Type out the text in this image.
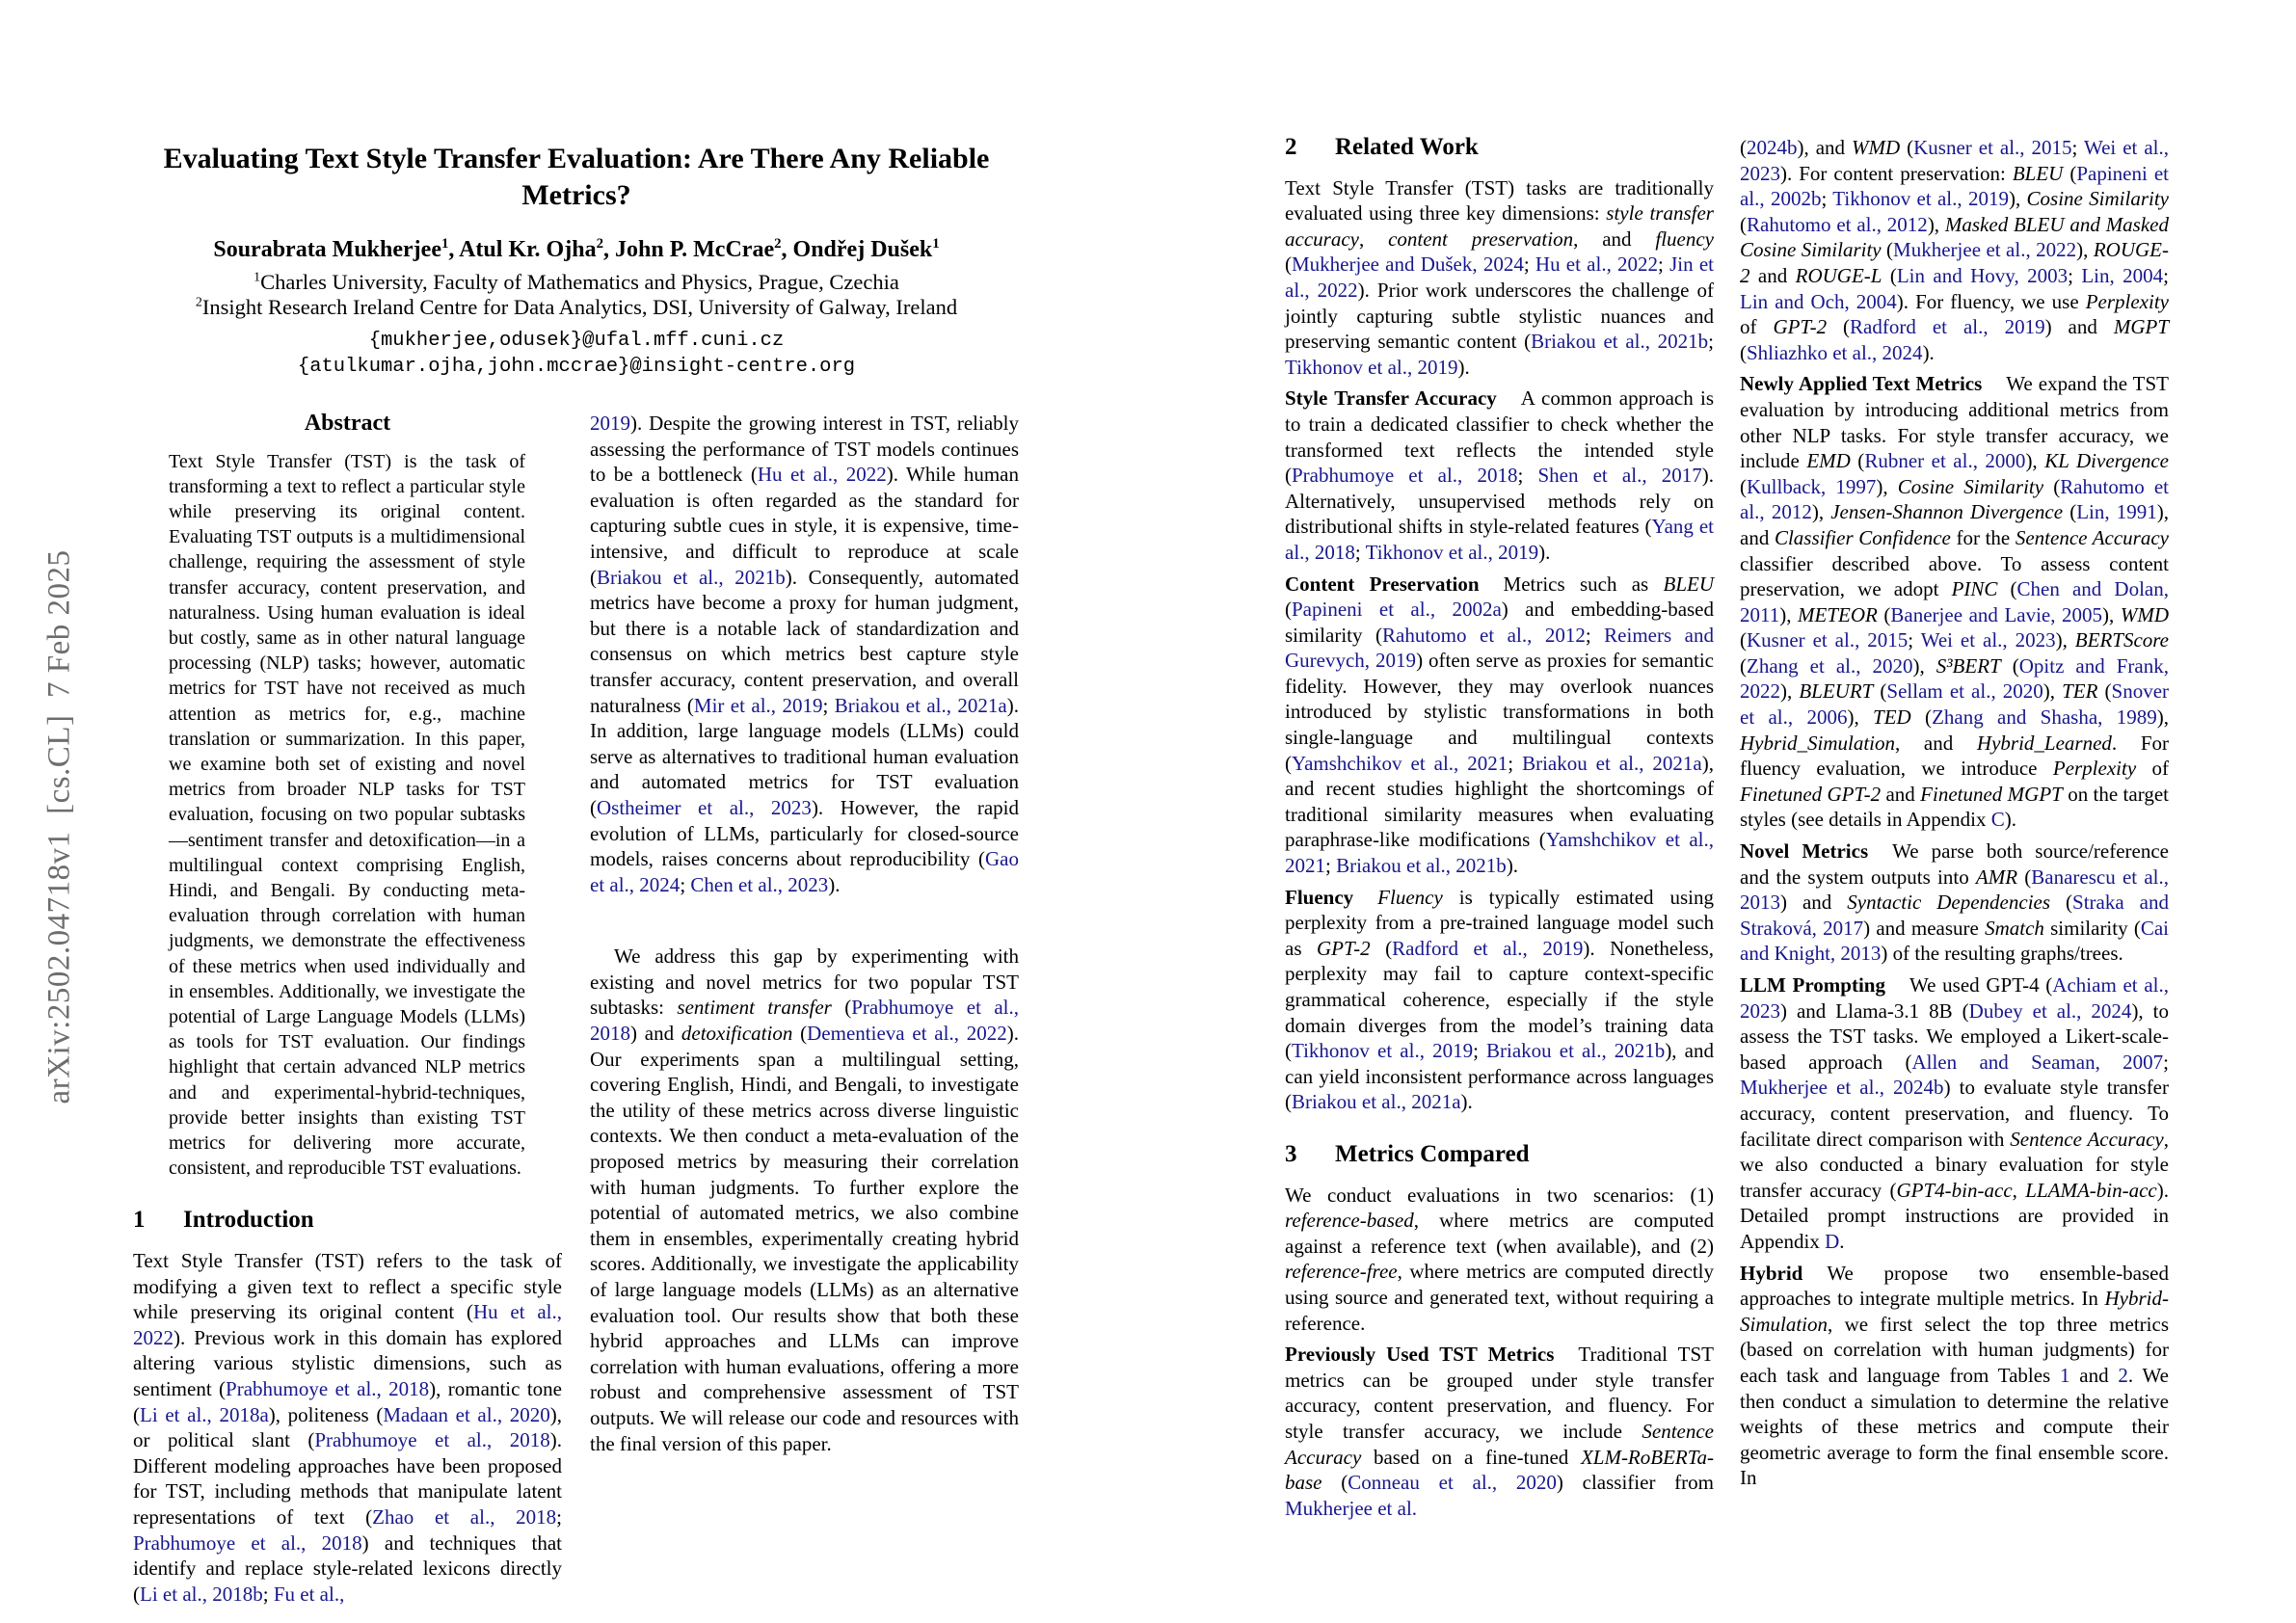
arXiv:2502.04718v1  [cs.CL]  7 Feb 2025
Evaluating Text Style Transfer Evaluation: Are There Any Reliable Metrics?
Sourabrata Mukherjee$^1$, Atul Kr. Ojha$^2$, John P. McCrae$^2$, Ondřej Dušek$^1$
$^1$Charles University, Faculty of Mathematics and Physics, Prague, Czechia
$^2$Insight Research Ireland Centre for Data Analytics, DSI, University of Galway, Ireland
{mukherjee,odusek}@ufal.mff.cuni.cz
{atulkumar.ojha,john.mccrae}@insight-centre.org
Abstract
Text Style Transfer (TST) is the task of transforming a text to reflect a particular style while preserving its original content. Evaluating TST outputs is a multidimensional challenge, requiring the assessment of style transfer accuracy, content preservation, and naturalness. Using human evaluation is ideal but costly, same as in other natural language processing (NLP) tasks; however, automatic metrics for TST have not received as much attention as metrics for, e.g., machine translation or summarization. In this paper, we examine both set of existing and novel metrics from broader NLP tasks for TST evaluation, focusing on two popular subtasks—sentiment transfer and detoxification—in a multilingual context comprising English, Hindi, and Bengali. By conducting meta-evaluation through correlation with human judgments, we demonstrate the effectiveness of these metrics when used individually and in ensembles. Additionally, we investigate the potential of Large Language Models (LLMs) as tools for TST evaluation. Our findings highlight that certain advanced NLP metrics and and experimental-hybrid-techniques, provide better insights than existing TST metrics for delivering more accurate, consistent, and reproducible TST evaluations.
1 Introduction
Text Style Transfer (TST) refers to the task of modifying a given text to reflect a specific style while preserving its original content (Hu et al., 2022). Previous work in this domain has explored altering various stylistic dimensions, such as sentiment (Prabhumoye et al., 2018), romantic tone (Li et al., 2018a), politeness (Madaan et al., 2020), or political slant (Prabhumoye et al., 2018). Different modeling approaches have been proposed for TST, including methods that manipulate latent representations of text (Zhao et al., 2018; Prabhumoye et al., 2018) and techniques that identify and replace style-related lexicons directly (Li et al., 2018b; Fu et al.,
2019). Despite the growing interest in TST, reliably assessing the performance of TST models continues to be a bottleneck (Hu et al., 2022). While human evaluation is often regarded as the standard for capturing subtle cues in style, it is expensive, time-intensive, and difficult to reproduce at scale (Briakou et al., 2021b). Consequently, automated metrics have become a proxy for human judgment, but there is a notable lack of standardization and consensus on which metrics best capture style transfer accuracy, content preservation, and overall naturalness (Mir et al., 2019; Briakou et al., 2021a). In addition, large language models (LLMs) could serve as alternatives to traditional human evaluation and automated metrics for TST evaluation (Ostheimer et al., 2023). However, the rapid evolution of LLMs, particularly for closed-source models, raises concerns about reproducibility (Gao et al., 2024; Chen et al., 2023).
We address this gap by experimenting with existing and novel metrics for two popular TST subtasks: sentiment transfer (Prabhumoye et al., 2018) and detoxification (Dementieva et al., 2022). Our experiments span a multilingual setting, covering English, Hindi, and Bengali, to investigate the utility of these metrics across diverse linguistic contexts. We then conduct a meta-evaluation of the proposed metrics by measuring their correlation with human judgments. To further explore the potential of automated metrics, we also combine them in ensembles, experimentally creating hybrid scores. Additionally, we investigate the applicability of large language models (LLMs) as an alternative evaluation tool. Our results show that both these hybrid approaches and LLMs can improve correlation with human evaluations, offering a more robust and comprehensive assessment of TST outputs. We will release our code and resources with the final version of this paper.
2 Related Work
Text Style Transfer (TST) tasks are traditionally evaluated using three key dimensions: style transfer accuracy, content preservation, and fluency (Mukherjee and Dušek, 2024; Hu et al., 2022; Jin et al., 2022). Prior work underscores the challenge of jointly capturing subtle stylistic nuances and preserving semantic content (Briakou et al., 2021b; Tikhonov et al., 2019).
Style Transfer Accuracy A common approach is to train a dedicated classifier to check whether the transformed text reflects the intended style (Prabhumoye et al., 2018; Shen et al., 2017). Alternatively, unsupervised methods rely on distributional shifts in style-related features (Yang et al., 2018; Tikhonov et al., 2019).
Content Preservation Metrics such as BLEU (Papineni et al., 2002a) and embedding-based similarity (Rahutomo et al., 2012; Reimers and Gurevych, 2019) often serve as proxies for semantic fidelity. However, they may overlook nuances introduced by stylistic transformations in both single-language and multilingual contexts (Yamshchikov et al., 2021; Briakou et al., 2021a), and recent studies highlight the shortcomings of traditional similarity measures when evaluating paraphrase-like modifications (Yamshchikov et al., 2021; Briakou et al., 2021b).
Fluency Fluency is typically estimated using perplexity from a pre-trained language model such as GPT-2 (Radford et al., 2019). Nonetheless, perplexity may fail to capture context-specific grammatical coherence, especially if the style domain diverges from the model’s training data (Tikhonov et al., 2019; Briakou et al., 2021b), and can yield inconsistent performance across languages (Briakou et al., 2021a).
3 Metrics Compared
We conduct evaluations in two scenarios: (1) reference-based, where metrics are computed against a reference text (when available), and (2) reference-free, where metrics are computed directly using source and generated text, without requiring a reference.
Previously Used TST Metrics Traditional TST metrics can be grouped under style transfer accuracy, content preservation, and fluency. For style transfer accuracy, we include Sentence Accuracy based on a fine-tuned XLM-RoBERTa-base (Conneau et al., 2020) classifier from Mukherjee et al.
(2024b), and WMD (Kusner et al., 2015; Wei et al., 2023). For content preservation: BLEU (Papineni et al., 2002b; Tikhonov et al., 2019), Cosine Similarity (Rahutomo et al., 2012), Masked BLEU and Masked Cosine Similarity (Mukherjee et al., 2022), ROUGE-2 and ROUGE-L (Lin and Hovy, 2003; Lin, 2004; Lin and Och, 2004). For fluency, we use Perplexity of GPT-2 (Radford et al., 2019) and MGPT (Shliazhko et al., 2024).
Newly Applied Text Metrics We expand the TST evaluation by introducing additional metrics from other NLP tasks. For style transfer accuracy, we include EMD (Rubner et al., 2000), KL Divergence (Kullback, 1997), Cosine Similarity (Rahutomo et al., 2012), Jensen-Shannon Divergence (Lin, 1991), and Classifier Confidence for the Sentence Accuracy classifier described above. To assess content preservation, we adopt PINC (Chen and Dolan, 2011), METEOR (Banerjee and Lavie, 2005), WMD (Kusner et al., 2015; Wei et al., 2023), BERTScore (Zhang et al., 2020), S³BERT (Opitz and Frank, 2022), BLEURT (Sellam et al., 2020), TER (Snover et al., 2006), TED (Zhang and Shasha, 1989), Hybrid_Simulation, and Hybrid_Learned. For fluency evaluation, we introduce Perplexity of Finetuned GPT-2 and Finetuned MGPT on the target styles (see details in Appendix C).
Novel Metrics We parse both source/reference and the system outputs into AMR (Banarescu et al., 2013) and Syntactic Dependencies (Straka and Straková, 2017) and measure Smatch similarity (Cai and Knight, 2013) of the resulting graphs/trees.
LLM Prompting We used GPT-4 (Achiam et al., 2023) and Llama-3.1 8B (Dubey et al., 2024), to assess the TST tasks. We employed a Likert-scale-based approach (Allen and Seaman, 2007; Mukherjee et al., 2024b) to evaluate style transfer accuracy, content preservation, and fluency. To facilitate direct comparison with Sentence Accuracy, we also conducted a binary evaluation for style transfer accuracy (GPT4-bin-acc, LLAMA-bin-acc). Detailed prompt instructions are provided in Appendix D.
Hybrid We propose two ensemble-based approaches to integrate multiple metrics. In Hybrid-Simulation, we first select the top three metrics (based on correlation with human judgments) for each task and language from Tables 1 and 2. We then conduct a simulation to determine the relative weights of these metrics and compute their geometric average to form the final ensemble score. In
